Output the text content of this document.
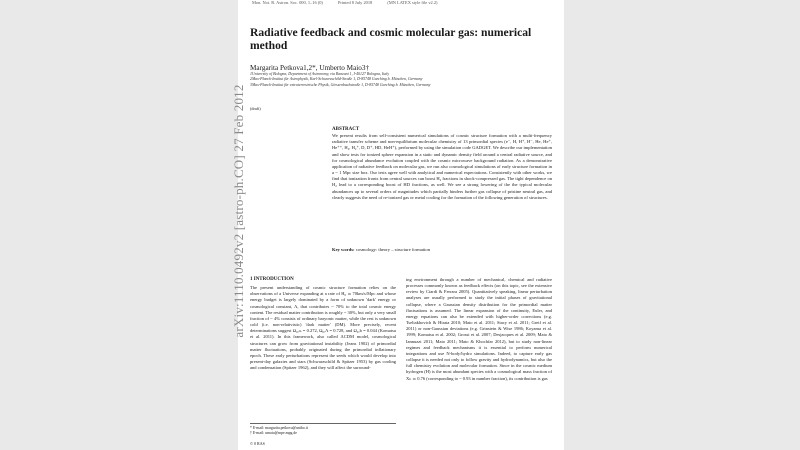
Mon. Not. R. Astron. Soc. 000, 1–16 (0)	Printed 8 July 2018	(MN LATEX style file v2.2)
arXiv:1110.0492v2 [astro-ph.CO] 27 Feb 2012
Radiative feedback and cosmic molecular gas: numerical method
Margarita Petkova1,2*, Umberto Maio3†
1University of Bologna, Department of Astronomy, via Ranzani 1, I-40127 Bologna, Italy
2Max-Planck-Institut für Astrophysik, Karl-Schwarzschild-Straße 1, D-85748 Garching b. München, Germany
3Max-Planck-Institut für extraterrestrische Physik, Giessenbachstraße 1, D-85748 Garching b. München, Germany
(draft)
ABSTRACT
We present results from self-consistent numerical simulations of cosmic structure formation with a multi-frequency radiative transfer scheme and non-equilibrium molecular chemistry of 13 primordial species (e⁻, H, H⁺, H⁻, He, He⁺, He⁺⁺, H₂, H₂⁺, D, D⁺, HD, HeH⁺), performed by using the simulation code GADGET. We describe our implementation and show tests for ionized sphere expansion in a static and dynamic density field around a central radiative source, and for cosmological abundance evolution coupled with the cosmic microwave background radiation. As a demonstrative application of radiative feedback on molecular gas, we run also cosmological simulations of early structure formation in a ~ 1 Mpc size box. Our tests agree well with analytical and numerical expectations. Consistently with other works, we find that ionization fronts from central sources can boost H₂ fractions in shock-compressed gas. The tight dependence on H₂ lead to a corresponding boost of HD fractions, as well. We see a strong lowering of the the typical molecular abundances up to several orders of magnitudes which partially hinders further gas collapse of pristine neutral gas, and clearly suggests the need of re-ionized gas or metal cooling for the formation of the following generation of structures.
Key words: cosmology: theory – structure formation
1 INTRODUCTION
The present understanding of cosmic structure formation relies on the observations of a Universe expanding at a rate of H₀ ≃ 70km/s/Mpc and whose energy budget is largely dominated by a form of unknown 'dark' energy or cosmological constant, Λ, that contributes ~ 70% to the total cosmic energy content. The residual matter contribution is roughly ~ 30%, but only a very small fraction of ~ 4% consists of ordinary baryonic matter, while the rest is unknown cold (i.e. non-relativistic) 'dark matter' (DM). More precisely, recent determinations suggest Ω₀,ₘ = 0.272, Ω₀,Λ = 0.728, and Ω₀,b = 0.044 (Komatsu et al. 2011). In this framework, also called ΛCDM model, cosmological structures can grow from gravitational instability (Jeans 1902) of primordial matter fluctuations, probably originated during the primordial inflationary epoch. These early perturbations represent the seeds which would develop into present-day galaxies and stars (Schwarzschild & Spitzer 1953) by gas cooling and condensation (Spitzer 1962), and they will affect the surround-
ing environment through a number of mechanical, chemical and radiative processes commonly known as feedback effects (on this topic, see the extensive review by Ciardi & Ferrara 2005). Quantitatively speaking, linear perturbation analyses are usually performed to study the initial phases of gravitational collapse, where a Gaussian density distribution for the primordial matter fluctuations is assumed. The linear expansion of the continuity, Euler, and energy equations can also be extended with higher-order corrections (e.g. Tseliakhovich & Hirata 2010; Maio et al. 2011; Stacy et al. 2011; Greif et al. 2011) or non-Gaussian deviations (e.g. Grinstein & Wise 1986; Koyama et al. 1999; Komatsu et al. 2002; Grossi et al. 2007; Desjacques et al. 2009; Maio & Iannuzzi 2011; Maio 2011; Maio & Khochfar 2012), but to study non-linear regimes and feedback mechanisms it is essential to perform numerical integrations and use N-body/hydro simulations. Indeed, to capture early gas collapse it is needed not only to follow gravity and hydrodynamics, but also the full chemistry evolution and molecular formation. Since in the cosmic medium hydrogen (H) is the most abundant species with a cosmological mass fraction of Xₕ ≃ 0.76 (corresponding to ~ 0.93 in number fraction), its contribution is gas
* E-mail: margarita.petkova@unibo.it
† E-mail: umaio@mpe.mpg.de
© 0 RAS
